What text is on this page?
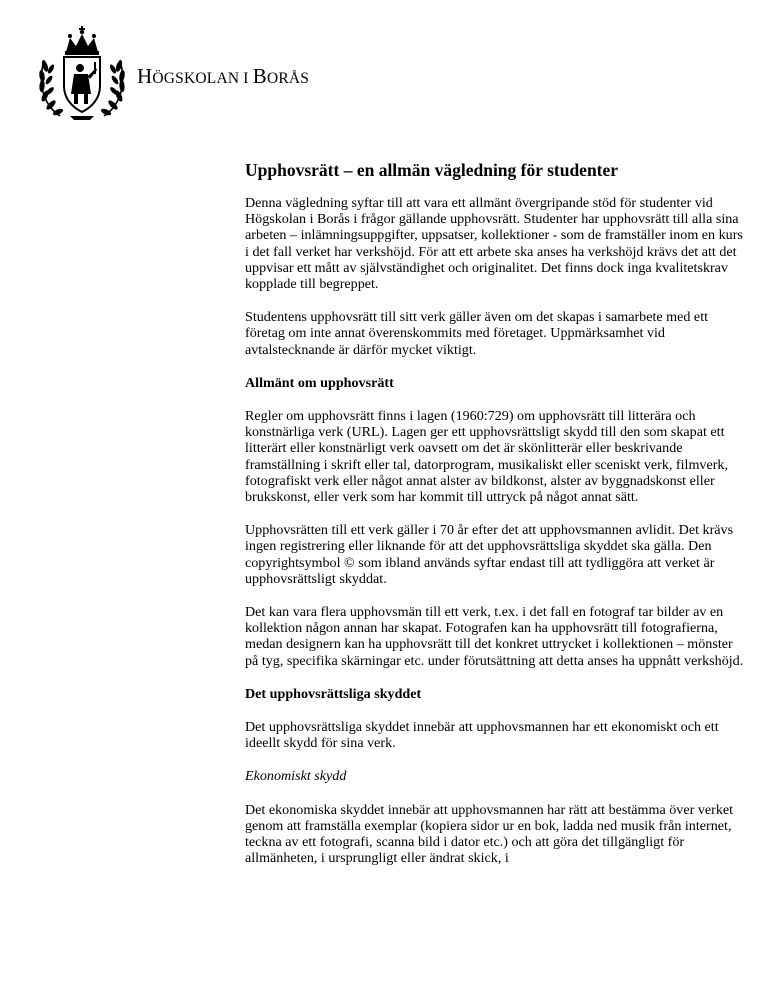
HÖGSKOLAN I BORÅS
Upphovsrätt – en allmän vägledning för studenter

Denna vägledning syftar till att vara ett allmänt övergripande stöd för studenter vid Högskolan i Borås i frågor gällande upphovsrätt. Studenter har upphovsrätt till alla sina arbeten – inlämningsuppgifter, uppsatser, kollektioner - som de framställer inom en kurs i det fall verket har verkshöjd. För att ett arbete ska anses ha verkshöjd krävs det att det uppvisar ett mått av självständighet och originalitet. Det finns dock inga kvalitetskrav kopplade till begreppet.

Studentens upphovsrätt till sitt verk gäller även om det skapas i samarbete med ett företag om inte annat överenskommits med företaget. Uppmärksamhet vid avtalstecknande är därför mycket viktigt.

Allmänt om upphovsrätt

Regler om upphovsrätt finns i lagen (1960:729) om upphovsrätt till litterära och konstnärliga verk (URL). Lagen ger ett upphovsrättsligt skydd till den som skapat ett litterärt eller konstnärligt verk oavsett om det är skönlitterär eller beskrivande framställning i skrift eller tal, datorprogram, musikaliskt eller sceniskt verk, filmverk, fotografiskt verk eller något annat alster av bildkonst, alster av byggnadskonst eller brukskonst, eller verk som har kommit till uttryck på något annat sätt.

Upphovsrätten till ett verk gäller i 70 år efter det att upphovsmannen avlidit. Det krävs ingen registrering eller liknande för att det upphovsrättsliga skyddet ska gälla. Den copyrightsymbol © som ibland används syftar endast till att tydliggöra att verket är upphovsrättsligt skyddat.

Det kan vara flera upphovsmän till ett verk, t.ex. i det fall en fotograf tar bilder av en kollektion någon annan har skapat. Fotografen kan ha upphovsrätt till fotografierna, medan designern kan ha upphovsrätt till det konkret uttrycket i kollektionen – mönster på tyg, specifika skärningar etc. under förutsättning att detta anses ha uppnått verkshöjd.

Det upphovsrättsliga skyddet

Det upphovsrättsliga skyddet innebär att upphovsmannen har ett ekonomiskt och ett ideellt skydd för sina verk.

Ekonomiskt skydd

Det ekonomiska skyddet innebär att upphovsmannen har rätt att bestämma över verket genom att framställa exemplar (kopiera sidor ur en bok, ladda ned musik från internet, teckna av ett fotografi, scanna bild i dator etc.) och att göra det tillgängligt för allmänheten, i ursprungligt eller ändrat skick, i
